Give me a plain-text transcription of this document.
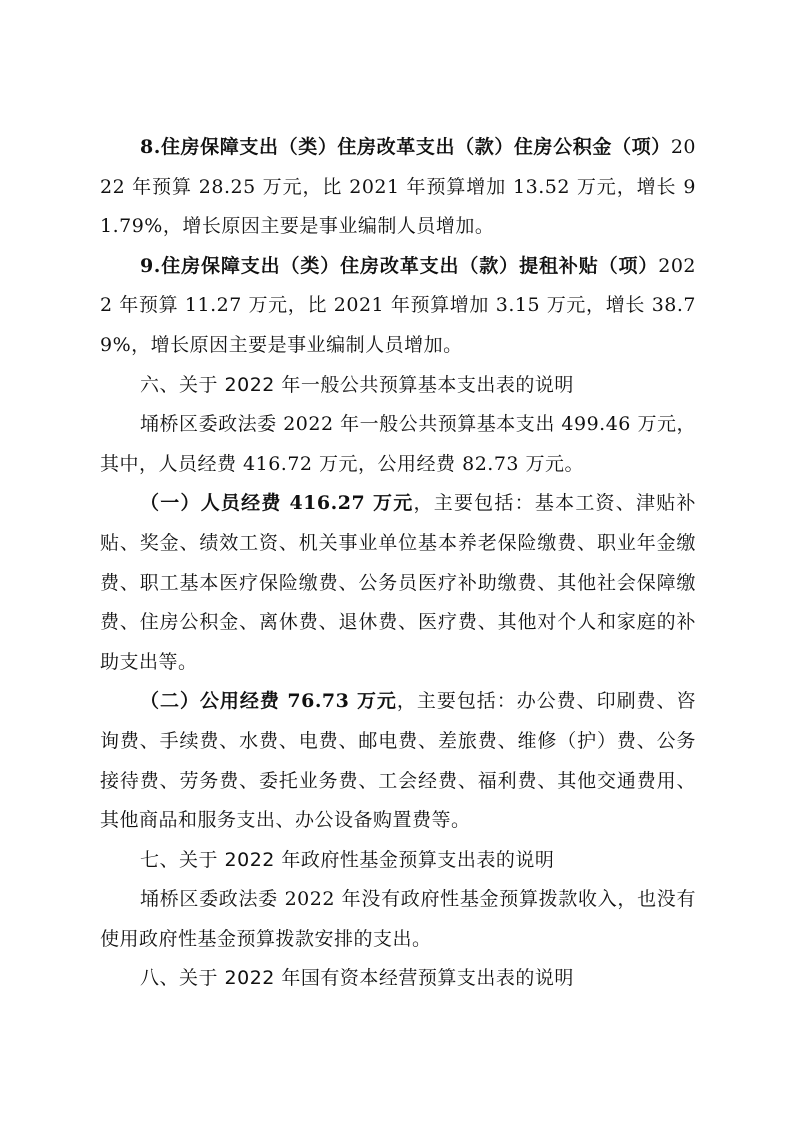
8.住房保障支出（类）住房改革支出（款）住房公积金（项）2022 年预算 28.25 万元，比 2021 年预算增加 13.52 万元，增长 91.79%，增长原因主要是事业编制人员增加。

9.住房保障支出（类）住房改革支出（款）提租补贴（项）2022 年预算 11.27 万元，比 2021 年预算增加 3.15 万元，增长 38.79%，增长原因主要是事业编制人员增加。

六、关于 2022 年一般公共预算基本支出表的说明

埇桥区委政法委 2022 年一般公共预算基本支出 499.46 万元，其中，人员经费 416.72 万元，公用经费 82.73 万元。

（一）人员经费 416.27 万元，主要包括：基本工资、津贴补贴、奖金、绩效工资、机关事业单位基本养老保险缴费、职业年金缴费、职工基本医疗保险缴费、公务员医疗补助缴费、其他社会保障缴费、住房公积金、离休费、退休费、医疗费、其他对个人和家庭的补助支出等。

（二）公用经费 76.73 万元，主要包括：办公费、印刷费、咨询费、手续费、水费、电费、邮电费、差旅费、维修（护）费、公务接待费、劳务费、委托业务费、工会经费、福利费、其他交通费用、其他商品和服务支出、办公设备购置费等。

七、关于 2022 年政府性基金预算支出表的说明

埇桥区委政法委 2022 年没有政府性基金预算拨款收入，也没有使用政府性基金预算拨款安排的支出。

八、关于 2022 年国有资本经营预算支出表的说明
